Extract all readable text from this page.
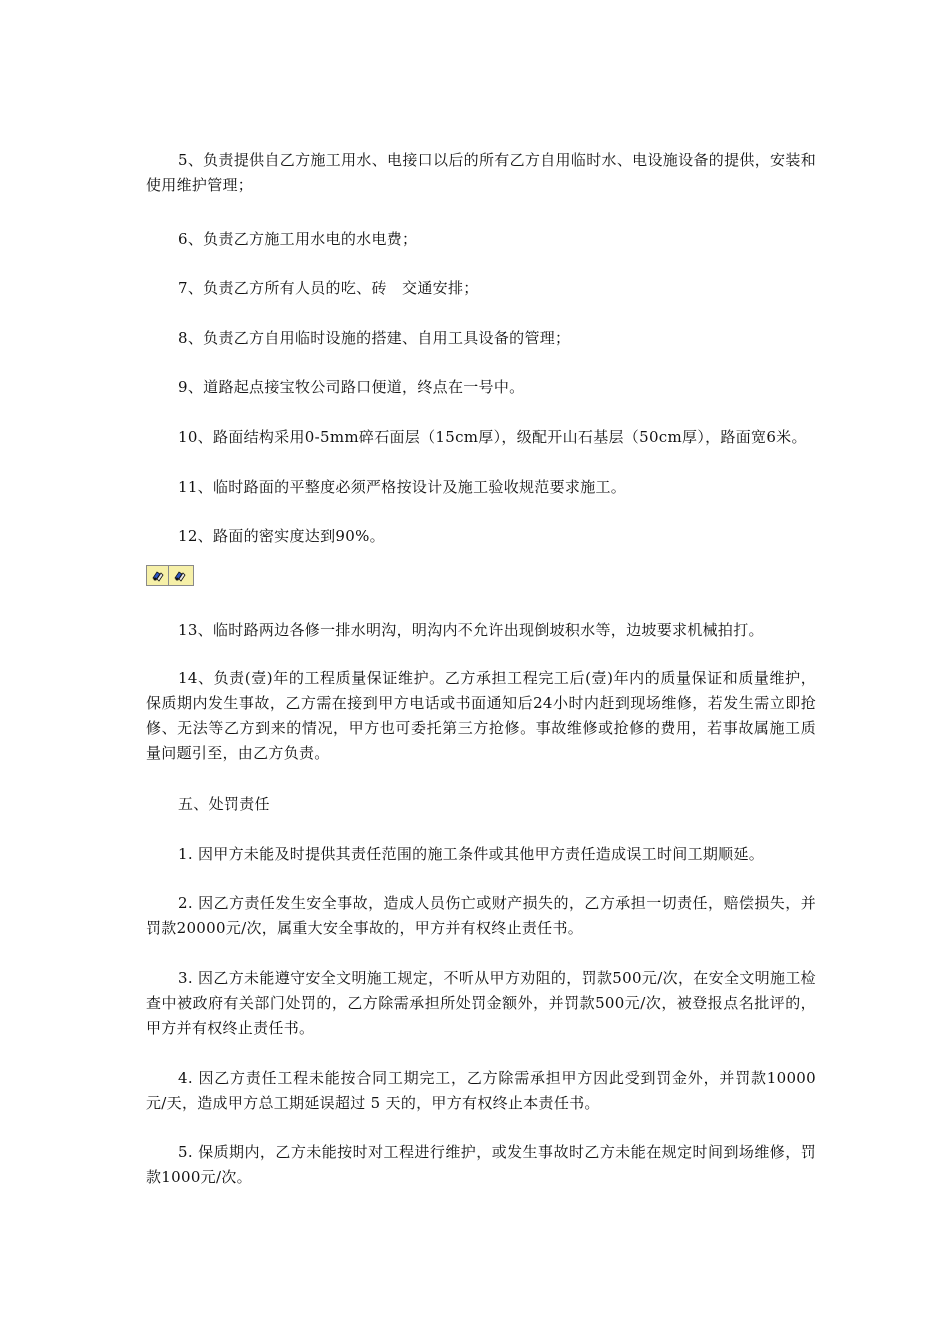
5、负责提供自乙方施工用水、电接口以后的所有乙方自用临时水、电设施设备的提供，安装和使用维护管理；

6、负责乙方施工用水电的水电费；

7、负责乙方所有人员的吃、砖　交通安排；

8、负责乙方自用临时设施的搭建、自用工具设备的管理；

9、道路起点接宝牧公司路口便道，终点在一号中。

10、路面结构采用0-5mm碎石面层（15cm厚），级配开山石基层（50cm厚），路面宽6米。

11、临时路面的平整度必须严格按设计及施工验收规范要求施工。

12、路面的密实度达到90%。

13、临时路两边各修一排水明沟，明沟内不允许出现倒坡积水等，边坡要求机械拍打。

14、负责(壹)年的工程质量保证维护。乙方承担工程完工后(壹)年内的质量保证和质量维护，保质期内发生事故，乙方需在接到甲方电话或书面通知后24小时内赶到现场维修，若发生需立即抢修、无法等乙方到来的情况，甲方也可委托第三方抢修。事故维修或抢修的费用，若事故属施工质量问题引至，由乙方负责。

五、处罚责任

1. 因甲方未能及时提供其责任范围的施工条件或其他甲方责任造成误工时间工期顺延。

2. 因乙方责任发生安全事故，造成人员伤亡或财产损失的，乙方承担一切责任，赔偿损失，并罚款20000元/次，属重大安全事故的，甲方并有权终止责任书。

3. 因乙方未能遵守安全文明施工规定，不听从甲方劝阻的，罚款500元/次，在安全文明施工检查中被政府有关部门处罚的，乙方除需承担所处罚金额外，并罚款500元/次，被登报点名批评的，甲方并有权终止责任书。

4. 因乙方责任工程未能按合同工期完工，乙方除需承担甲方因此受到罚金外，并罚款10000元/天，造成甲方总工期延误超过 5 天的，甲方有权终止本责任书。

5. 保质期内，乙方未能按时对工程进行维护，或发生事故时乙方未能在规定时间到场维修，罚款1000元/次。
